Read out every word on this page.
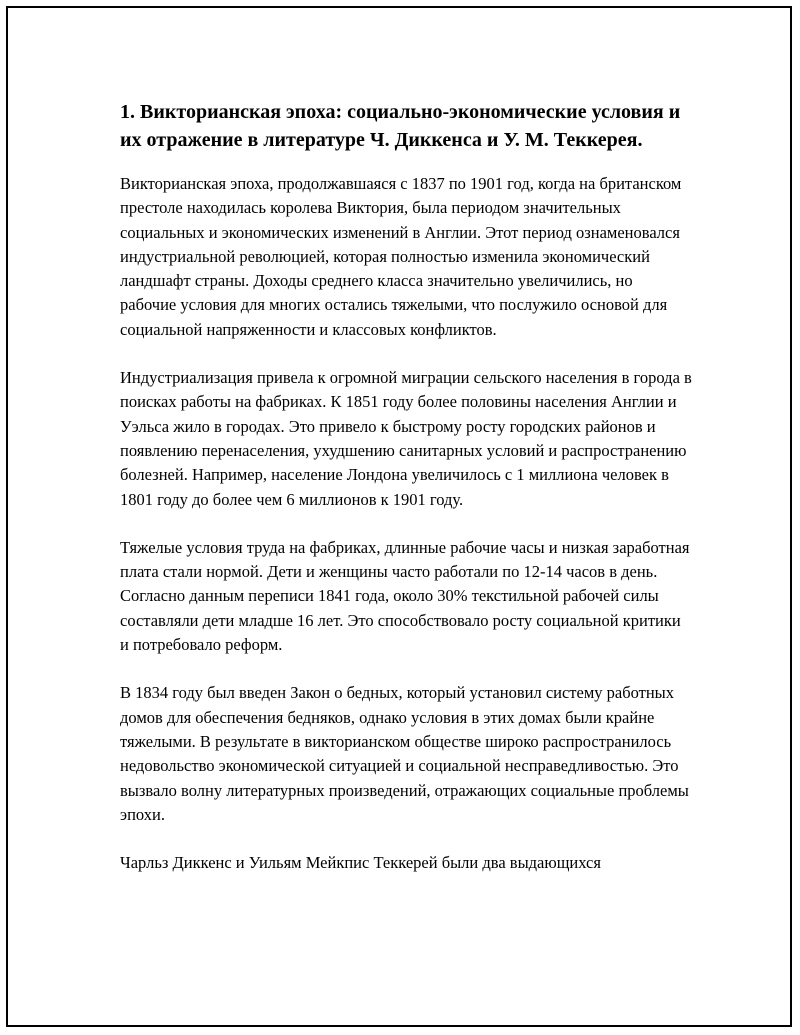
1. Викторианская эпоха: социально-экономические условия и их отражение в литературе Ч. Диккенса и У. М. Теккерея.

Викторианская эпоха, продолжавшаяся с 1837 по 1901 год, когда на британском престоле находилась королева Виктория, была периодом значительных социальных и экономических изменений в Англии. Этот период ознаменовался индустриальной революцией, которая полностью изменила экономический ландшафт страны. Доходы среднего класса значительно увеличились, но рабочие условия для многих остались тяжелыми, что послужило основой для социальной напряженности и классовых конфликтов.

Индустриализация привела к огромной миграции сельского населения в города в поисках работы на фабриках. К 1851 году более половины населения Англии и Уэльса жило в городах. Это привело к быстрому росту городских районов и появлению перенаселения, ухудшению санитарных условий и распространению болезней. Например, население Лондона увеличилось с 1 миллиона человек в 1801 году до более чем 6 миллионов к 1901 году.

Тяжелые условия труда на фабриках, длинные рабочие часы и низкая заработная плата стали нормой. Дети и женщины часто работали по 12-14 часов в день. Согласно данным переписи 1841 года, около 30% текстильной рабочей силы составляли дети младше 16 лет. Это способствовало росту социальной критики и потребовало реформ.

В 1834 году был введен Закон о бедных, который установил систему работных домов для обеспечения бедняков, однако условия в этих домах были крайне тяжелыми. В результате в викторианском обществе широко распространилось недовольство экономической ситуацией и социальной несправедливостью. Это вызвало волну литературных произведений, отражающих социальные проблемы эпохи.

Чарльз Диккенс и Уильям Мейкпис Теккерей были два выдающихся
